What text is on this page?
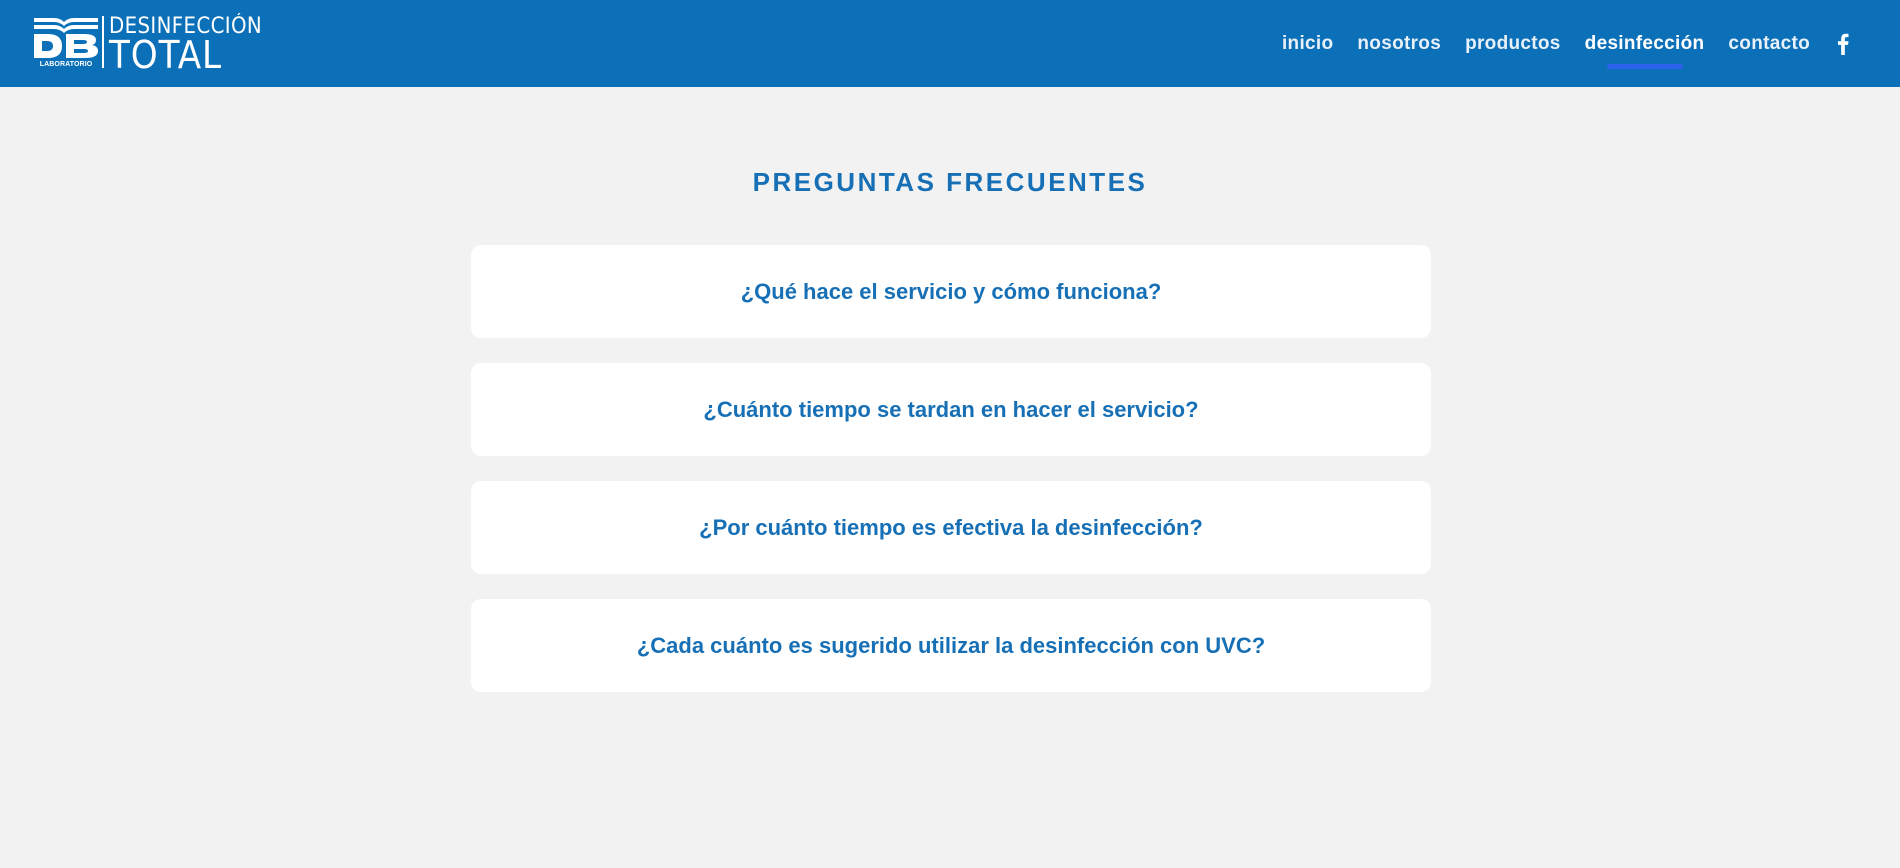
LABORATORIO
DESINFECCIÓN
TOTAL	inicio nosotros productos desinfección contacto
PREGUNTAS FRECUENTES
¿Qué hace el servicio y cómo funciona?
¿Cuánto tiempo se tardan en hacer el servicio?
¿Por cuánto tiempo es efectiva la desinfección?
¿Cada cuánto es sugerido utilizar la desinfección con UVC?
